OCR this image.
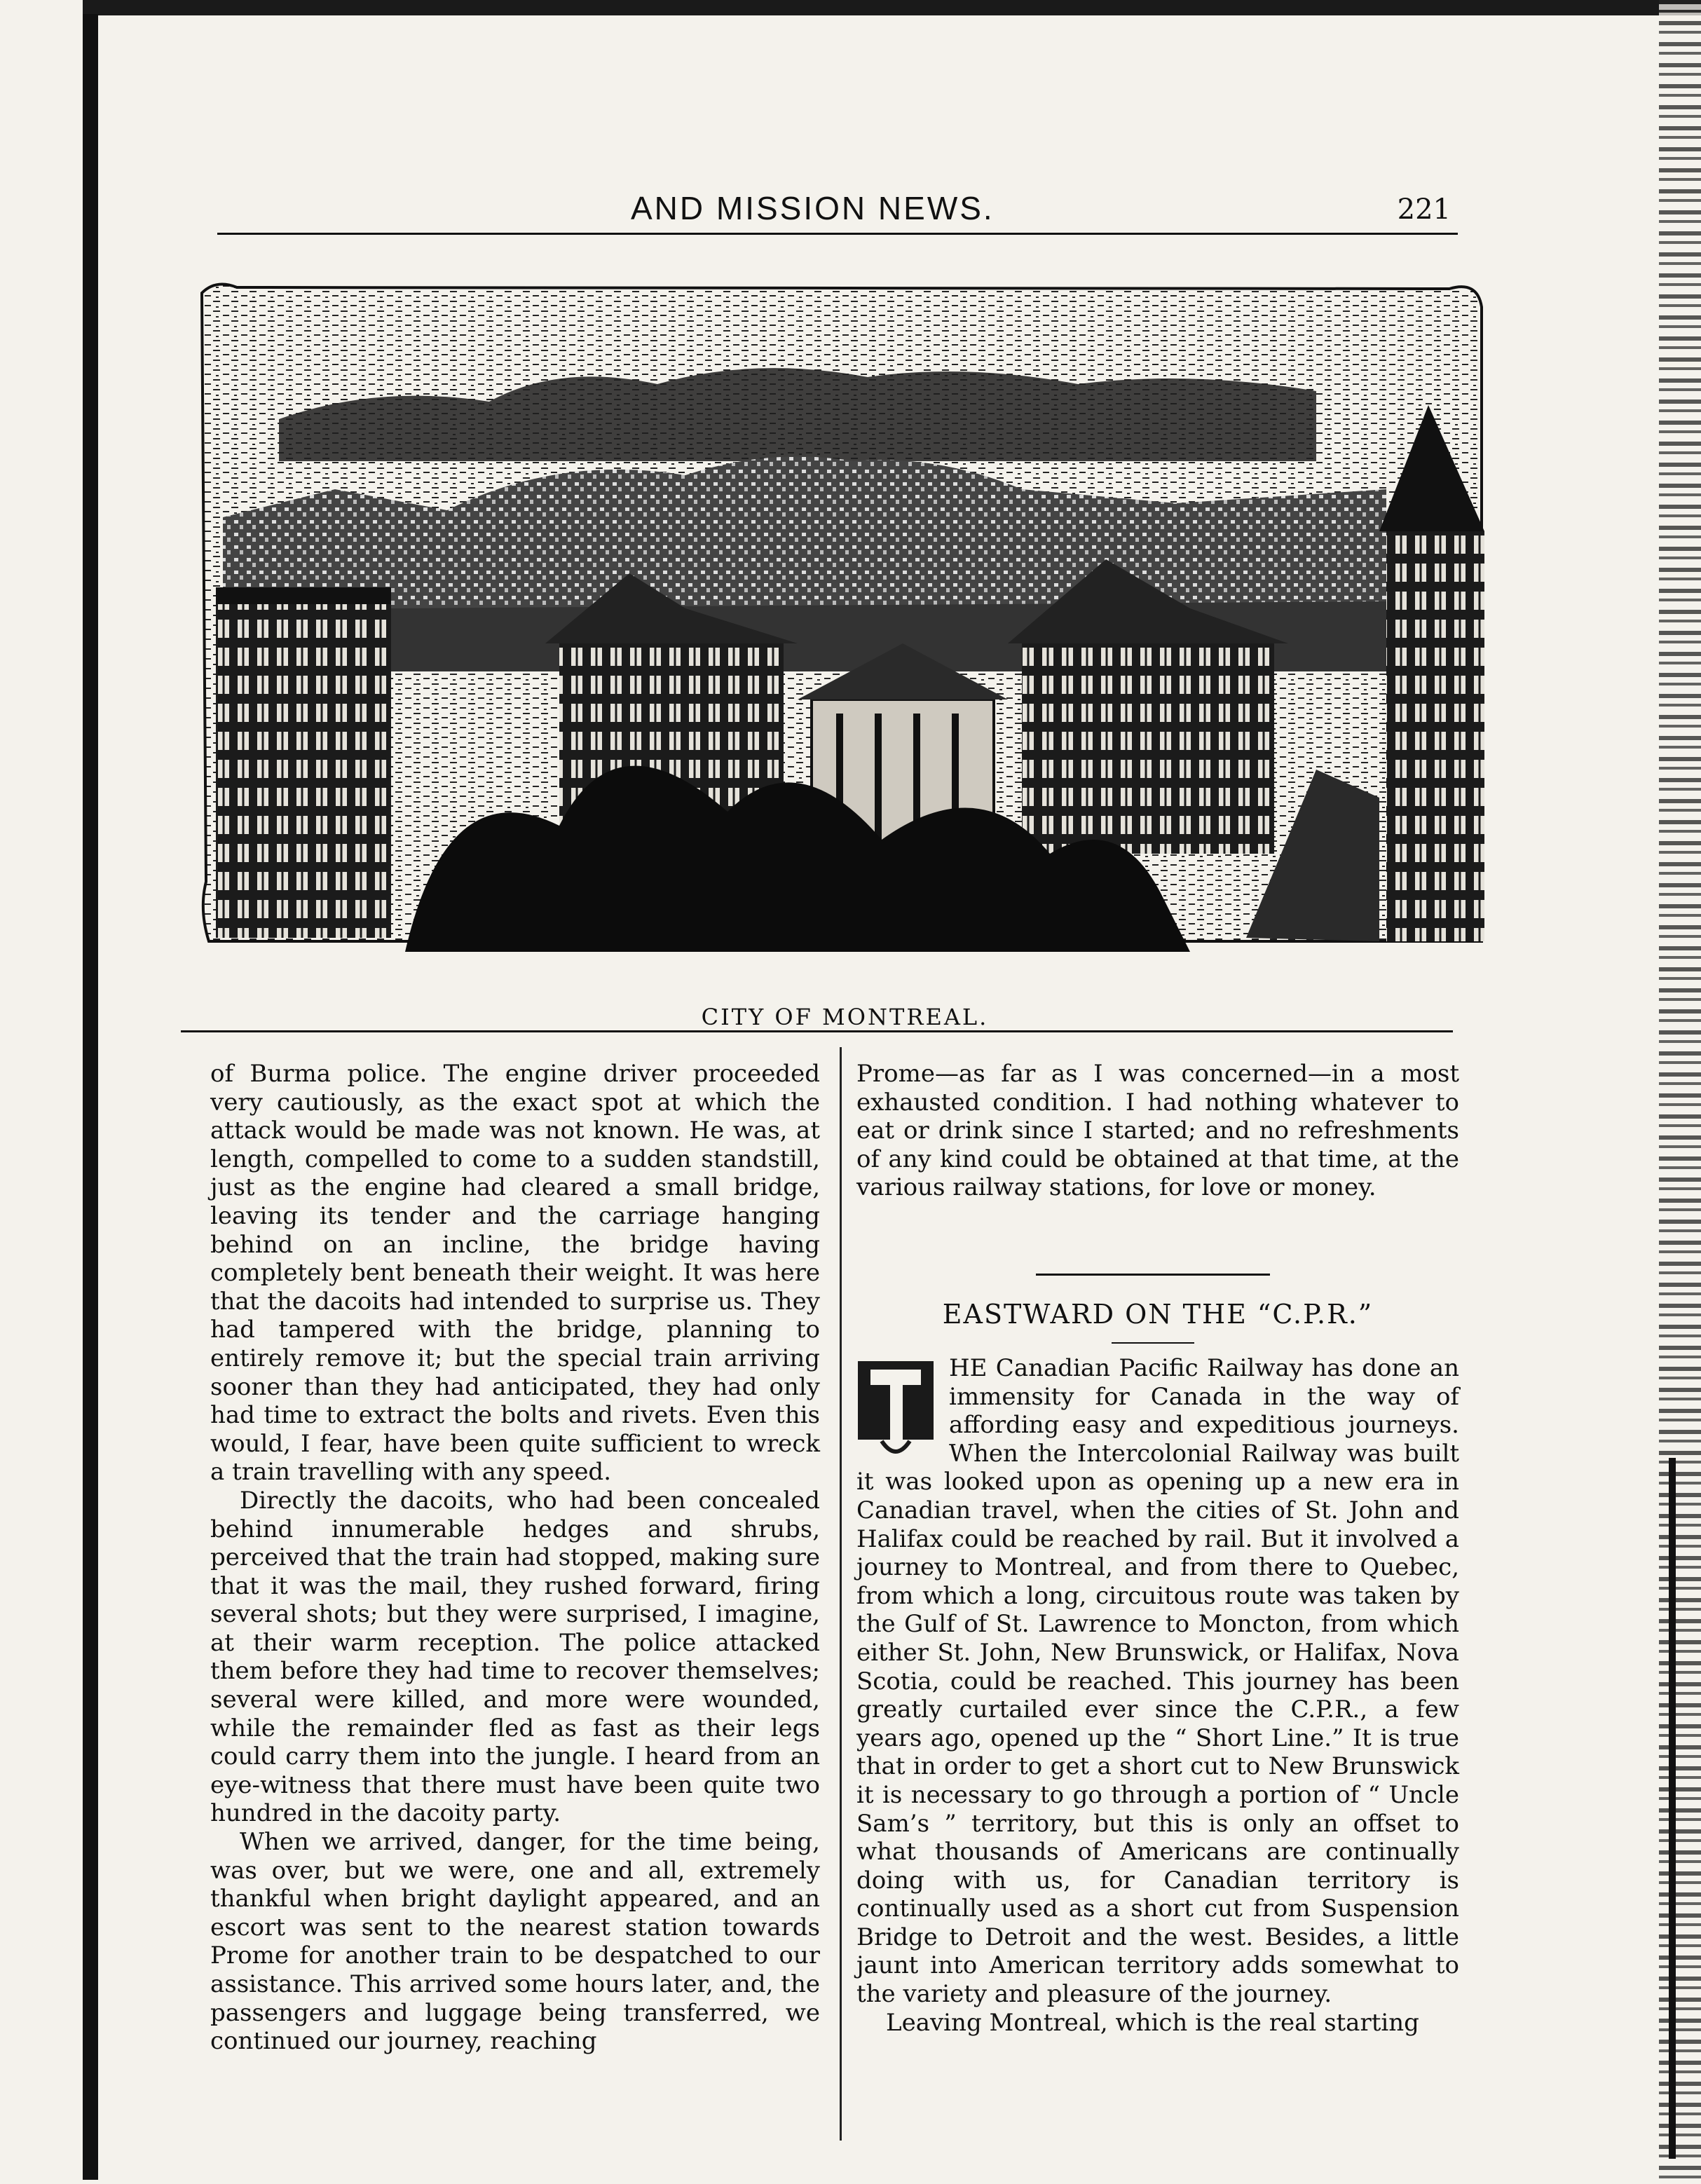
AND MISSION NEWS.	221
CITY OF MONTREAL.

of Burma police. The engine driver proceeded very cautiously, as the exact spot at which the attack would be made was not known. He was, at length, compelled to come to a sudden standstill, just as the engine had cleared a small bridge, leaving its tender and the carriage hanging behind on an incline, the bridge having completely bent beneath their weight. It was here that the dacoits had intended to surprise us. They had tampered with the bridge, planning to entirely remove it; but the special train arriving sooner than they had anticipated, they had only had time to extract the bolts and rivets. Even this would, I fear, have been quite sufficient to wreck a train travelling with any speed.

Directly the dacoits, who had been concealed behind innumerable hedges and shrubs, perceived that the train had stopped, making sure that it was the mail, they rushed forward, firing several shots; but they were surprised, I imagine, at their warm reception. The police attacked them before they had time to recover themselves; several were killed, and more were wounded, while the remainder fled as fast as their legs could carry them into the jungle. I heard from an eye-witness that there must have been quite two hundred in the dacoity party.

When we arrived, danger, for the time being, was over, but we were, one and all, extremely thankful when bright daylight appeared, and an escort was sent to the nearest station towards Prome for another train to be despatched to our assistance. This arrived some hours later, and, the passengers and luggage being transferred, we continued our journey, reaching

Prome—as far as I was concerned—in a most exhausted condition. I had nothing whatever to eat or drink since I started; and no refreshments of any kind could be obtained at that time, at the various railway stations, for love or money.

EASTWARD ON THE “C.P.R.”

HE Canadian Pacific Railway has done an immensity for Canada in the way of affording easy and expeditious journeys. When the Intercolonial Railway was built it was looked upon as opening up a new era in Canadian travel, when the cities of St. John and Halifax could be reached by rail. But it involved a journey to Montreal, and from there to Quebec, from which a long, circuitous route was taken by the Gulf of St. Lawrence to Moncton, from which either St. John, New Brunswick, or Halifax, Nova Scotia, could be reached. This journey has been greatly curtailed ever since the C.P.R., a few years ago, opened up the “ Short Line.” It is true that in order to get a short cut to New Brunswick it is necessary to go through a portion of “ Uncle Sam’s ” territory, but this is only an offset to what thousands of Americans are continually doing with us, for Canadian territory is continually used as a short cut from Suspension Bridge to Detroit and the west. Besides, a little jaunt into American territory adds somewhat to the variety and pleasure of the journey.

Leaving Montreal, which is the real starting
